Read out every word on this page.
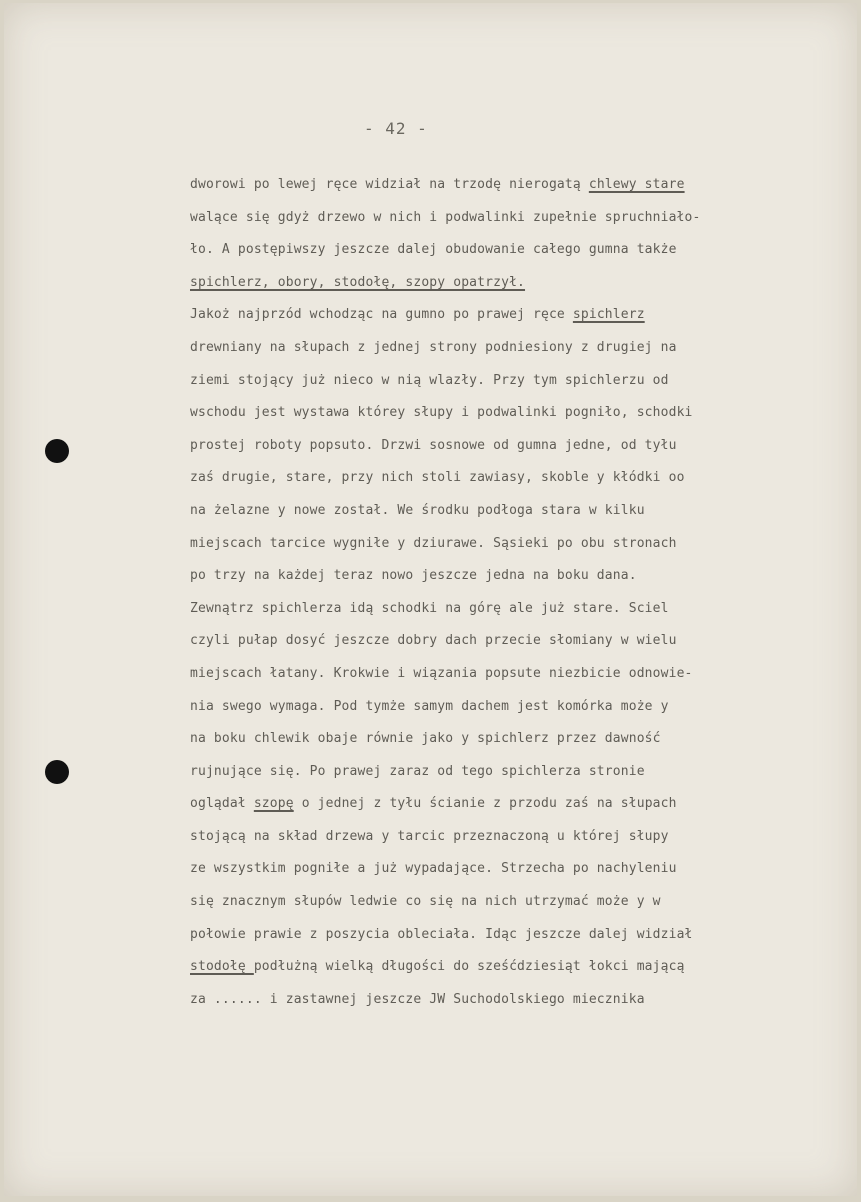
- 42 -
dworowi po lewej ręce widział na trzodę nierogatą chlewy stare
walące się gdyż drzewo w nich i podwalinki zupełnie spruchniało-
ło. A postępiwszy jeszcze dalej obudowanie całego gumna także
spichlerz, obory, stodołę, szopy opatrzył.
Jakoż najprzód wchodząc na gumno po prawej ręce spichlerz
drewniany na słupach z jednej strony podniesiony z drugiej na
ziemi stojący już nieco w nią wlazły. Przy tym spichlerzu od
wschodu jest wystawa którey słupy i podwalinki pogniło, schodki
prostej roboty popsuto. Drzwi sosnowe od gumna jedne, od tyłu
zaś drugie, stare, przy nich stoli zawiasy, skoble y kłódki oo
na żelazne y nowe został. We środku podłoga stara w kilku
miejscach tarcice wygniłe y dziurawe. Sąsieki po obu stronach
po trzy na każdej teraz nowo jeszcze jedna na boku dana.
Zewnątrz spichlerza idą schodki na górę ale już stare. Sciel
czyli pułap dosyć jeszcze dobry dach przecie słomiany w wielu
miejscach łatany. Krokwie i wiązania popsute niezbicie odnowie-
nia swego wymaga. Pod tymże samym dachem jest komórka może y
na boku chlewik obaje równie jako y spichlerz przez dawność
rujnujące się. Po prawej zaraz od tego spichlerza stronie
oglądał szopę o jednej z tyłu ścianie z przodu zaś na słupach
stojącą na skład drzewa y tarcic przeznaczoną u której słupy
ze wszystkim pogniłe a już wypadające. Strzecha po nachyleniu
się znacznym słupów ledwie co się na nich utrzymać może y w
połowie prawie z poszycia obleciała. Idąc jeszcze dalej widział
stodołę podłużną wielką długości do sześćdziesiąt łokci mającą
za ...... i zastawnej jeszcze JW Suchodolskiego miecznika
